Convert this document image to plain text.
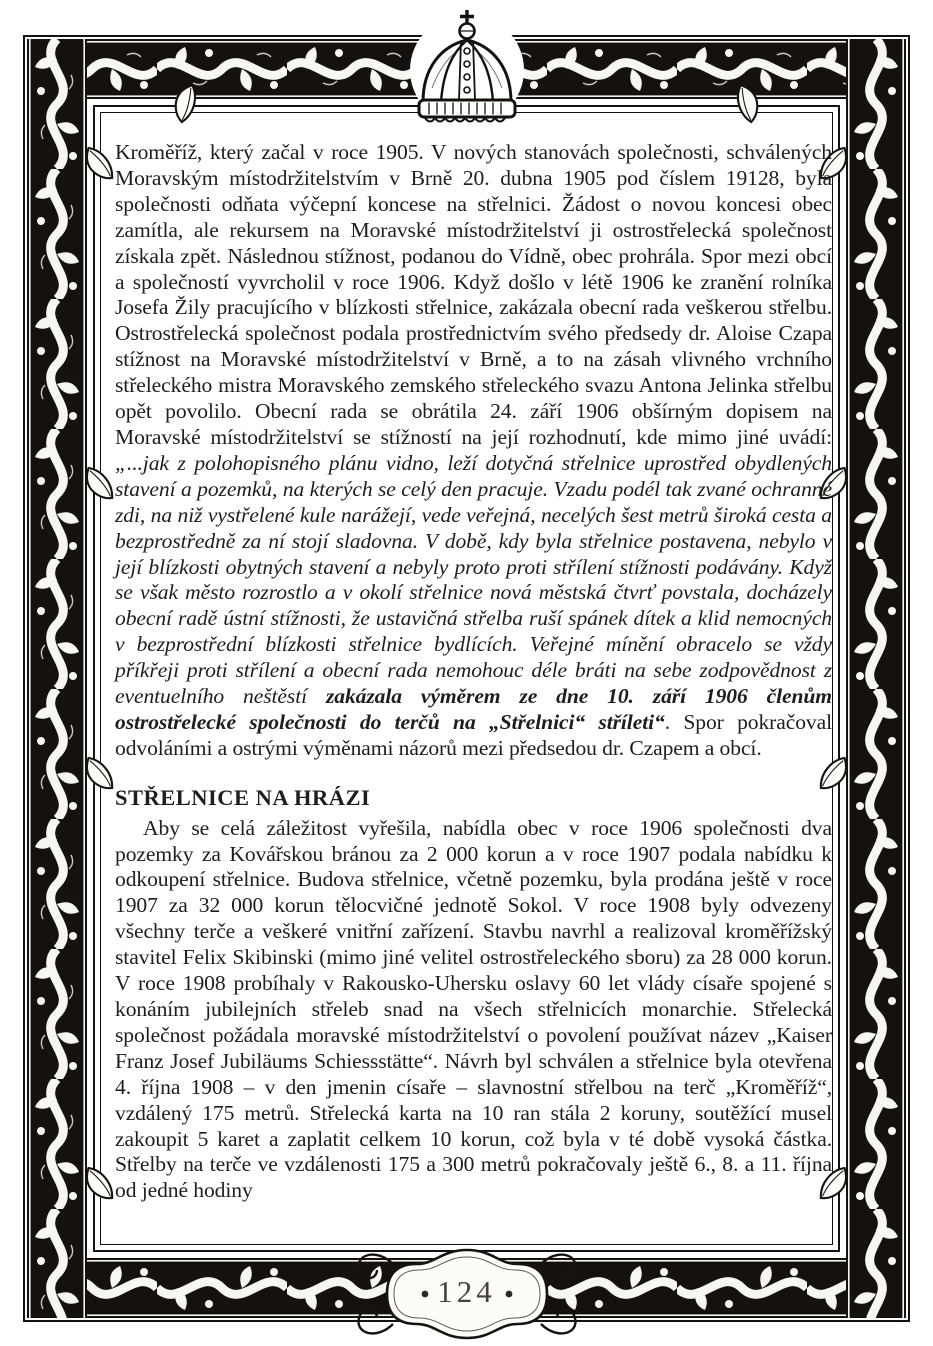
124

Kroměříž, který začal v roce 1905. V nových stanovách společnosti, schválených Moravským místodržitelstvím v Brně 20. dubna 1905 pod číslem 19128, byla společnosti odňata výčepní koncese na střelnici. Žádost o novou koncesi obec zamítla, ale rekursem na Moravské místodržitelství ji ostrostřelecká společnost získala zpět. Následnou stížnost, podanou do Vídně, obec prohrála. Spor mezi obcí a společností vyvrcholil v roce 1906. Když došlo v létě 1906 ke zranění rolníka Josefa Žily pracujícího v blízkosti střelnice, zakázala obecní rada veškerou střelbu. Ostrostřelecká společnost podala prostřednictvím svého předsedy dr. Aloise Czapa stížnost na Moravské místodržitelství v Brně, a to na zásah vlivného vrchního střeleckého mistra Moravského zemského střeleckého svazu Antona Jelinka střelbu opět povolilo. Obecní rada se obrátila 24. září 1906 obšírným dopisem na Moravské místodržitelství se stížností na její rozhodnutí, kde mimo jiné uvádí: „...jak z polohopisného plánu vidno, leží dotyčná střelnice uprostřed obydlených stavení a pozemků, na kterých se celý den pracuje. Vzadu podél tak zvané ochranné zdi, na niž vystřelené kule narážejí, vede veřejná, necelých šest metrů široká cesta a bezprostředně za ní stojí sladovna. V době, kdy byla střelnice postavena, nebylo v její blízkosti obytných stavení a nebyly proto proti střílení stížnosti podávány. Když se však město rozrostlo a v okolí střelnice nová městská čtvrť povstala, docházely obecní radě ústní stížnosti, že ustavičná střelba ruší spánek dítek a klid nemocných v bezprostřední blízkosti střelnice bydlících. Veřejné mínění obracelo se vždy příkřeji proti střílení a obecní rada nemohouc déle bráti na sebe zodpovědnost z eventuelního neštěstí zakázala výměrem ze dne 10. září 1906 členům ostrostřelecké společnosti do terčů na „Střelnici“ stříleti“. Spor pokračoval odvoláními a ostrými výměnami názorů mezi předsedou dr. Czapem a obcí.

STŘELNICE NA HRÁZI

Aby se celá záležitost vyřešila, nabídla obec v roce 1906 společnosti dva pozemky za Kovářskou bránou za 2 000 korun a v roce 1907 podala nabídku k odkoupení střelnice. Budova střelnice, včetně pozemku, byla prodána ještě v roce 1907 za 32 000 korun tělocvičné jednotě Sokol. V roce 1908 byly odvezeny všechny terče a veškeré vnitřní zařízení. Stavbu navrhl a realizoval kroměřížský stavitel Felix Skibinski (mimo jiné velitel ostrostřeleckého sboru) za 28 000 korun. V roce 1908 probíhaly v Rakousko-Uhersku oslavy 60 let vlády císaře spojené s konáním jubilejních střeleb snad na všech střelnicích monarchie. Střelecká společnost požádala moravské místodržitelství o povolení používat název „Kaiser Franz Josef Jubiläums Schiessstätte“. Návrh byl schválen a střelnice byla otevřena 4. října 1908 – v den jmenin císaře – slavnostní střelbou na terč „Kroměříž“, vzdálený 175 metrů. Střelecká karta na 10 ran stála 2 koruny, soutěžící musel zakoupit 5 karet a zaplatit celkem 10 korun, což byla v té době vysoká částka. Střelby na terče ve vzdálenosti 175 a 300 metrů pokračovaly ještě 6., 8. a 11. října od jedné hodiny
